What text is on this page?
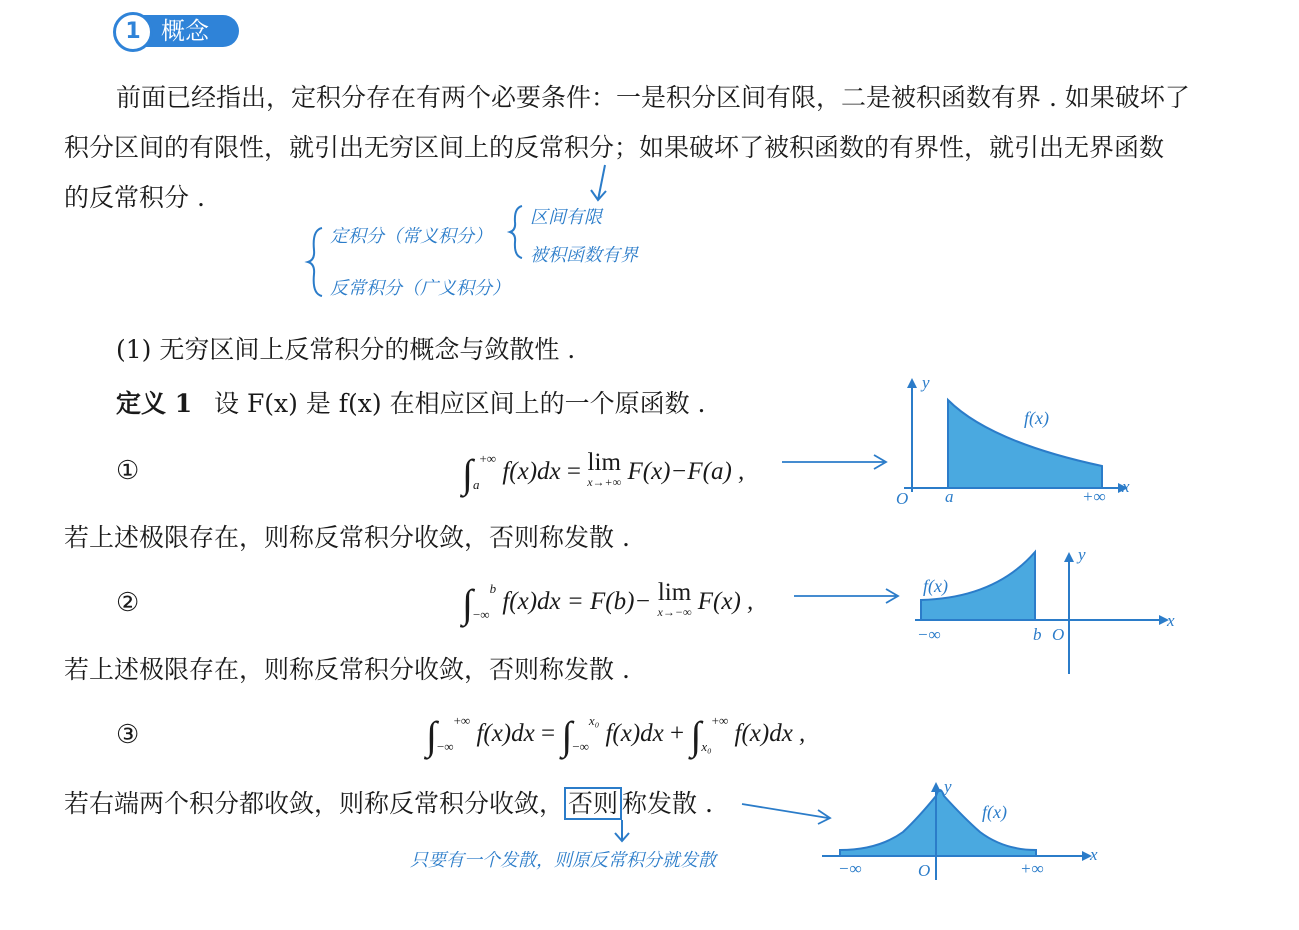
1 概念
前面已经指出，定积分存在有两个必要条件：一是积分区间有限，二是被积函数有界 . 如果破坏了
积分区间的有限性，就引出无穷区间上的反常积分；如果破坏了被积函数的有界性，就引出无界函数
的反常积分 .
定积分（常义积分）
区间有限
被积函数有界
反常积分（广义积分）
(1) 无穷区间上反常积分的概念与敛散性 .
定义 1 设 F(x) 是 f(x) 在相应区间上的一个原函数 .
①	$\int_a^{+\infty}$ f(x)dx = lim
x→+∞ F(x)−F(a) ,
若上述极限存在，则称反常积分收敛，否则称发散 .
②	$\int_{-\infty}^b$ f(x)dx = F(b)− lim
x→−∞ F(x) ,
若上述极限存在，则称反常积分收敛，否则称发散 .
③	$\int_{-\infty}^{+\infty}$ $f(x)dx = \int_{-\infty}^{x_0}$ $f(x)dx + \int_{x_0}^{+\infty}$ f(x)dx ,
若右端两个积分都收敛，则称反常积分收敛， 否则 称发散 .
只要有一个发散，则原反常积分就发散
f(x)
y
x
O a	+∞
f(x)
y
x
O
b
−∞
f(x)
y
x
O
−∞	+∞
